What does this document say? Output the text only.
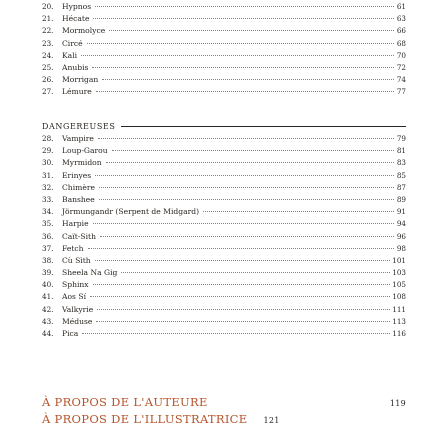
20.	Hypnos	61
21.	Hécate	63
22.	Mormolyce	66
23.	Circé	68
24.	Kali	70
25.	Anubis	72
26.	Morrigan	74
27.	Lémure	77
DANGEREUSES
28.	Vampire	79
29.	Loup-Garou	81
30.	Myrmidon	83
31.	Erinyes	85
32.	Chimère	87
33.	Banshee	89
34.	Jörmungandr (Serpent de Midgard)	91
35.	Harpie	94
36.	Caït-Sith	96
37.	Fetch	98
38.	Cù Sìth	101
39.	Sheela Na Gig	103
40.	Sphinx	105
41.	Aos Sí	108
42.	Valkyrie	111
43.	Méduse	113
44.	Pica	116
À PROPOS DE L'AUTEURE	119
À PROPOS DE L'ILLUSTRATRICE 121
